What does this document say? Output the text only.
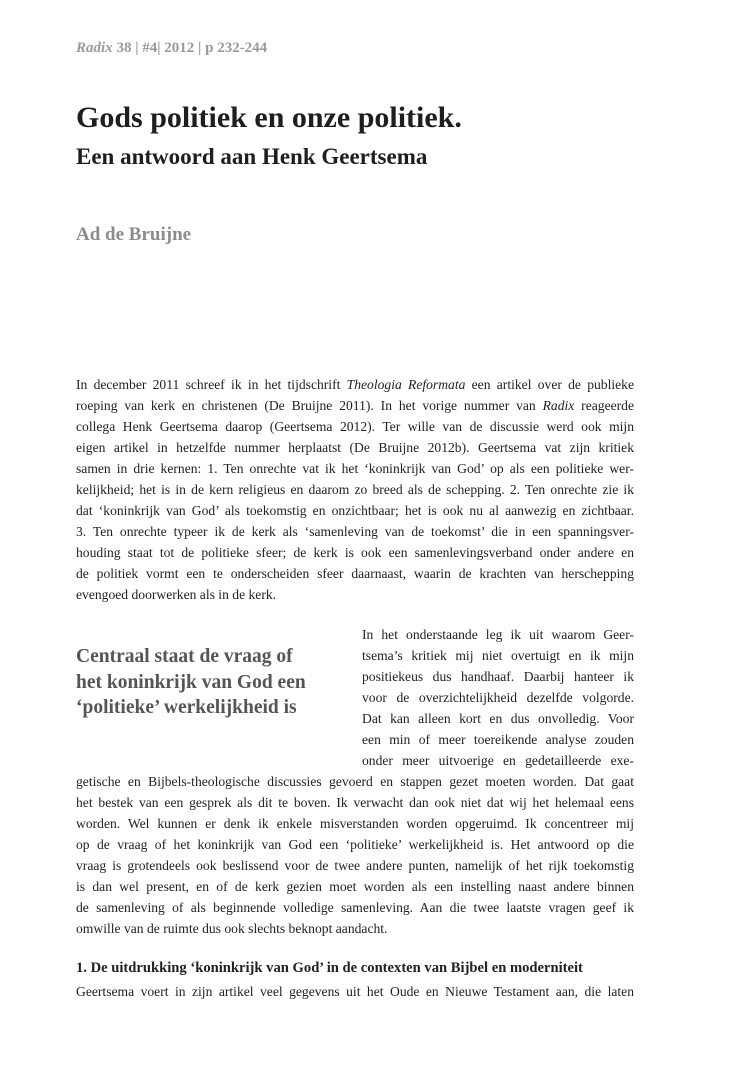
Radix 38 | #4| 2012 | p 232-244
Gods politiek en onze politiek.
Een antwoord aan Henk Geertsema
Ad de Bruijne
In december 2011 schreef ik in het tijdschrift Theologia Reformata een artikel over de publieke
roeping van kerk en christenen (De Bruijne 2011). In het vorige nummer van Radix reageerde
collega Henk Geertsema daarop (Geertsema 2012). Ter wille van de discussie werd ook mijn
eigen artikel in hetzelfde nummer herplaatst (De Bruijne 2012b). Geertsema vat zijn kritiek
samen in drie kernen: 1. Ten onrechte vat ik het ‘koninkrijk van God’ op als een politieke wer-
kelijkheid; het is in de kern religieus en daarom zo breed als de schepping. 2. Ten onrechte zie ik
dat ‘koninkrijk van God’ als toekomstig en onzichtbaar; het is ook nu al aanwezig en zichtbaar.
3. Ten onrechte typeer ik de kerk als ‘samenleving van de toekomst’ die in een spanningsver-
houding staat tot de politieke sfeer; de kerk is ook een samenlevingsverband onder andere en
de politiek vormt een te onderscheiden sfeer daarnaast, waarin de krachten van herschepping
evengoed doorwerken als in de kerk.
Centraal staat de vraag of
het koninkrijk van God een
‘politieke’ werkelijkheid is
In het onderstaande leg ik uit waarom Geer-
tsema’s kritiek mij niet overtuigt en ik mijn
positiekeus dus handhaaf. Daarbij hanteer ik
voor de overzichtelijkheid dezelfde volgorde.
Dat kan alleen kort en dus onvolledig. Voor
een min of meer toereikende analyse zouden
onder meer uitvoerige en gedetailleerde exe-
getische en Bijbels-theologische discussies gevoerd en stappen gezet moeten worden. Dat gaat
het bestek van een gesprek als dit te boven. Ik verwacht dan ook niet dat wij het helemaal eens
worden. Wel kunnen er denk ik enkele misverstanden worden opgeruimd. Ik concentreer mij
op de vraag of het koninkrijk van God een ‘politieke’ werkelijkheid is. Het antwoord op die
vraag is grotendeels ook beslissend voor de twee andere punten, namelijk of het rijk toekomstig
is dan wel present, en of de kerk gezien moet worden als een instelling naast andere binnen
de samenleving of als beginnende volledige samenleving. Aan die twee laatste vragen geef ik
omwille van de ruimte dus ook slechts beknopt aandacht.
1. De uitdrukking ‘koninkrijk van God’ in de contexten van Bijbel en moderniteit
Geertsema voert in zijn artikel veel gegevens uit het Oude en Nieuwe Testament aan, die laten
